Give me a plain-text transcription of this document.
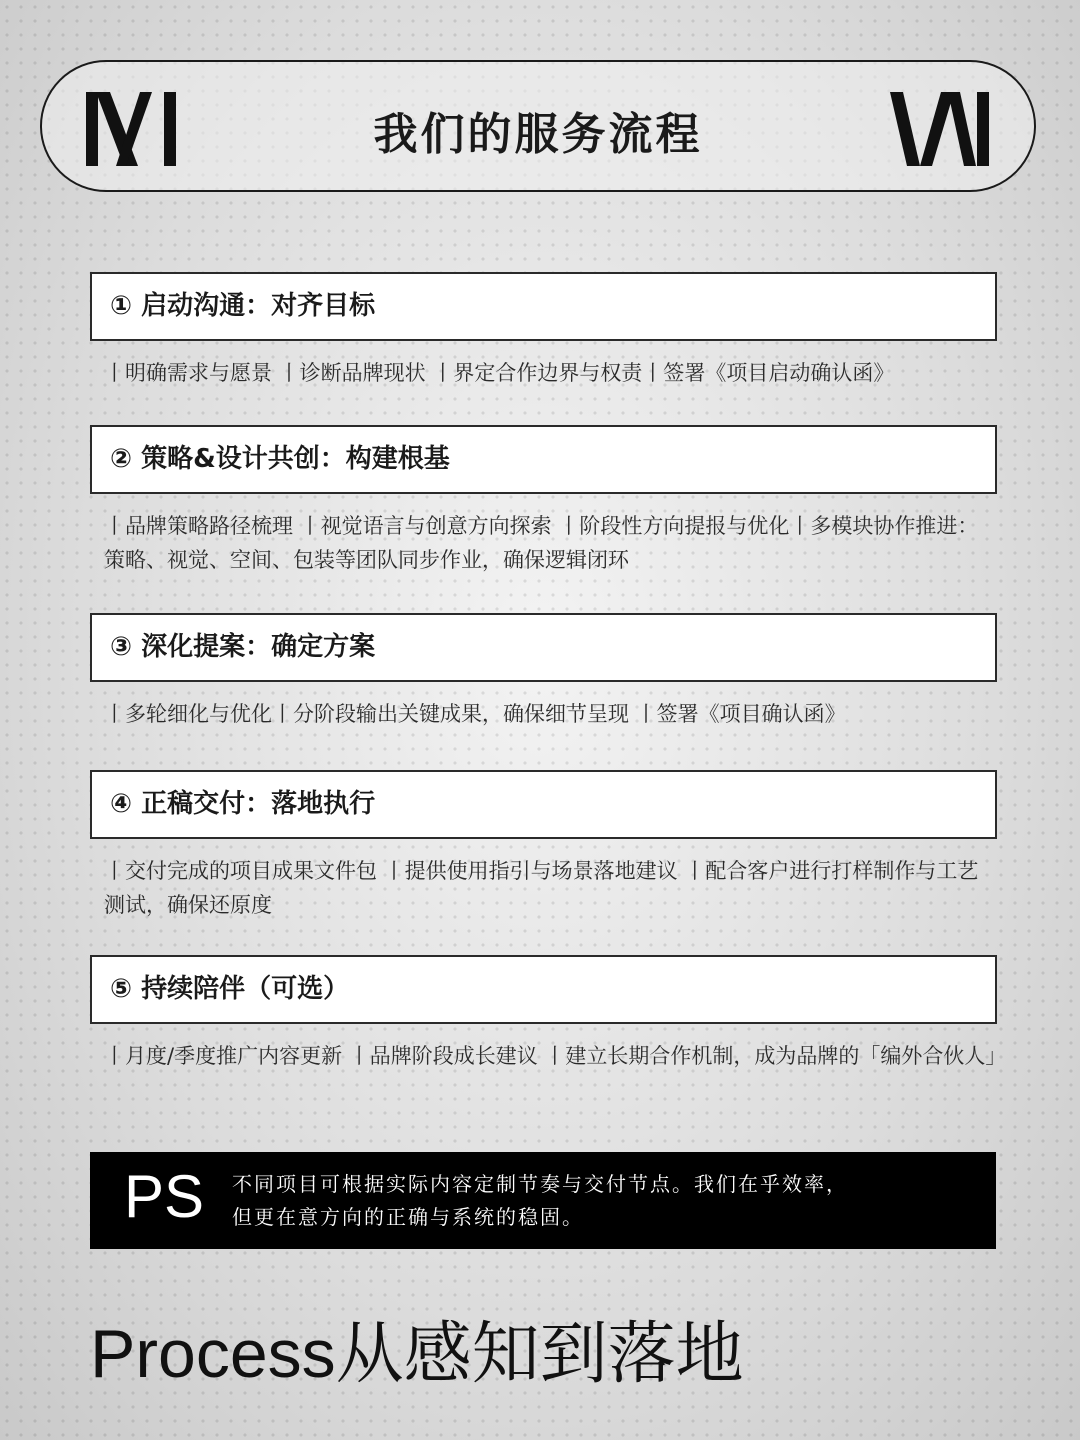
我们的服务流程
① 启动沟通：对齐目标
丨明确需求与愿景 丨诊断品牌现状 丨界定合作边界与权责丨签署《项目启动确认函》
② 策略&设计共创：构建根基
丨品牌策略路径梳理 丨视觉语言与创意方向探索 丨阶段性方向提报与优化丨多模块协作推进：策略、视觉、空间、包装等团队同步作业，确保逻辑闭环
③ 深化提案：确定方案
丨多轮细化与优化丨分阶段输出关键成果，确保细节呈现 丨签署《项目确认函》
④ 正稿交付：落地执行
丨交付完成的项目成果文件包 丨提供使用指引与场景落地建议 丨配合客户进行打样制作与工艺测试，确保还原度
⑤ 持续陪伴（可选）
丨月度/季度推广内容更新 丨品牌阶段成长建议 丨建立长期合作机制，成为品牌的「编外合伙人」
PS 不同项目可根据实际内容定制节奏与交付节点。我们在乎效率，
但更在意方向的正确与系统的稳固。
Process从感知到落地
